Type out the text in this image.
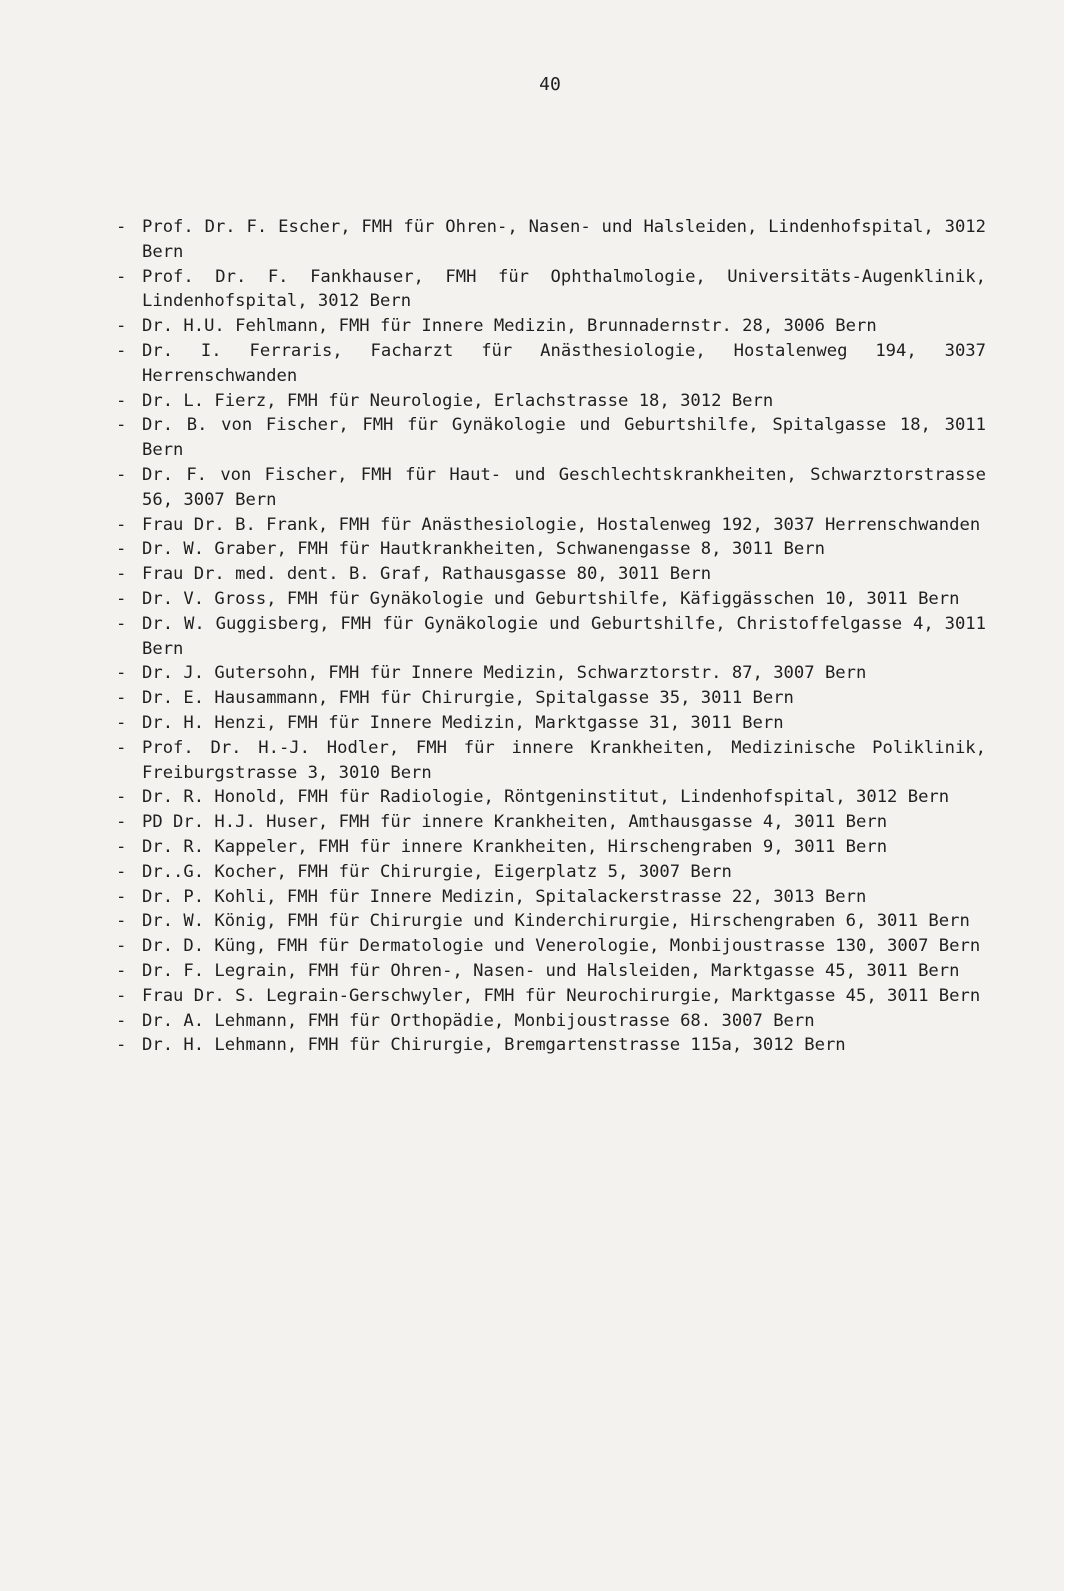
40
- Prof. Dr. F. Escher, FMH für Ohren-, Nasen- und Halsleiden, Lindenhofspital, 3012 Bern
- Prof. Dr. F. Fankhauser, FMH für Ophthalmologie, Universitäts-Augenklinik, Lindenhofspital, 3012 Bern
- Dr. H.U. Fehlmann, FMH für Innere Medizin, Brunnadernstr. 28, 3006 Bern
- Dr. I. Ferraris, Facharzt für Anästhesiologie, Hostalenweg 194, 3037 Herrenschwanden
- Dr. L. Fierz, FMH für Neurologie, Erlachstrasse 18, 3012 Bern
- Dr. B. von Fischer, FMH für Gynäkologie und Geburtshilfe, Spitalgasse 18, 3011 Bern
- Dr. F. von Fischer, FMH für Haut- und Geschlechtskrankheiten, Schwarztorstrasse 56, 3007 Bern
- Frau Dr. B. Frank, FMH für Anästhesiologie, Hostalenweg 192, 3037 Herrenschwanden
- Dr. W. Graber, FMH für Hautkrankheiten, Schwanengasse 8, 3011 Bern
- Frau Dr. med. dent. B. Graf, Rathausgasse 80, 3011 Bern
- Dr. V. Gross, FMH für Gynäkologie und Geburtshilfe, Käfiggässchen 10, 3011 Bern
- Dr. W. Guggisberg, FMH für Gynäkologie und Geburtshilfe, Christoffelgasse 4, 3011 Bern
- Dr. J. Gutersohn, FMH für Innere Medizin, Schwarztorstr. 87, 3007 Bern
- Dr. E. Hausammann, FMH für Chirurgie, Spitalgasse 35, 3011 Bern
- Dr. H. Henzi, FMH für Innere Medizin, Marktgasse 31, 3011 Bern
- Prof. Dr. H.-J. Hodler, FMH für innere Krankheiten, Medizinische Poliklinik, Freiburgstrasse 3, 3010 Bern
- Dr. R. Honold, FMH für Radiologie, Röntgeninstitut, Lindenhofspital, 3012 Bern
- PD Dr. H.J. Huser, FMH für innere Krankheiten, Amthausgasse 4, 3011 Bern
- Dr. R. Kappeler, FMH für innere Krankheiten, Hirschengraben 9, 3011 Bern
- Dr..G. Kocher, FMH für Chirurgie, Eigerplatz 5, 3007 Bern
- Dr. P. Kohli, FMH für Innere Medizin, Spitalackerstrasse 22, 3013 Bern
- Dr. W. König, FMH für Chirurgie und Kinderchirurgie, Hirschengraben 6, 3011 Bern
- Dr. D. Küng, FMH für Dermatologie und Venerologie, Monbijoustrasse 130, 3007 Bern
- Dr. F. Legrain, FMH für Ohren-, Nasen- und Halsleiden, Marktgasse 45, 3011 Bern
- Frau Dr. S. Legrain-Gerschwyler, FMH für Neurochirurgie, Marktgasse 45, 3011 Bern
- Dr. A. Lehmann, FMH für Orthopädie, Monbijoustrasse 68. 3007 Bern
- Dr. H. Lehmann, FMH für Chirurgie, Bremgartenstrasse 115a, 3012 Bern
